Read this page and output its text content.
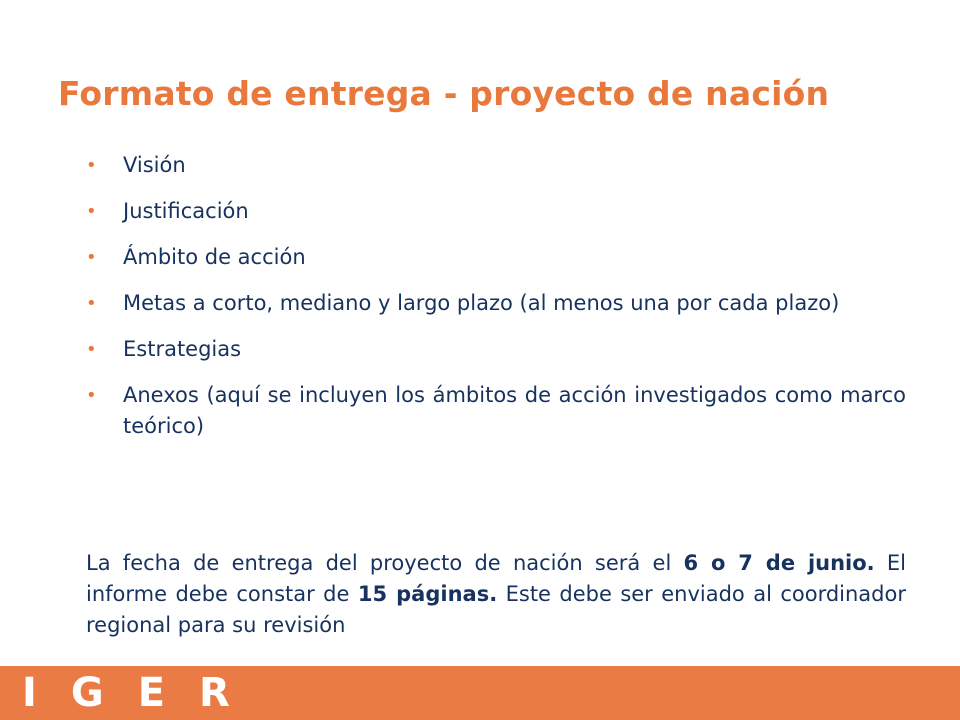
Formato de entrega - proyecto de nación
• Visión
• Justificación
• Ámbito de acción
• Metas a corto, mediano y largo plazo (al menos una por cada plazo)
• Estrategias
• Anexos (aquí se incluyen los ámbitos de acción investigados como marco teórico)

La fecha de entrega del proyecto de nación será el 6 o 7 de junio. El informe debe constar de 15 páginas. Este debe ser enviado al coordinador regional para su revisión

IGER
